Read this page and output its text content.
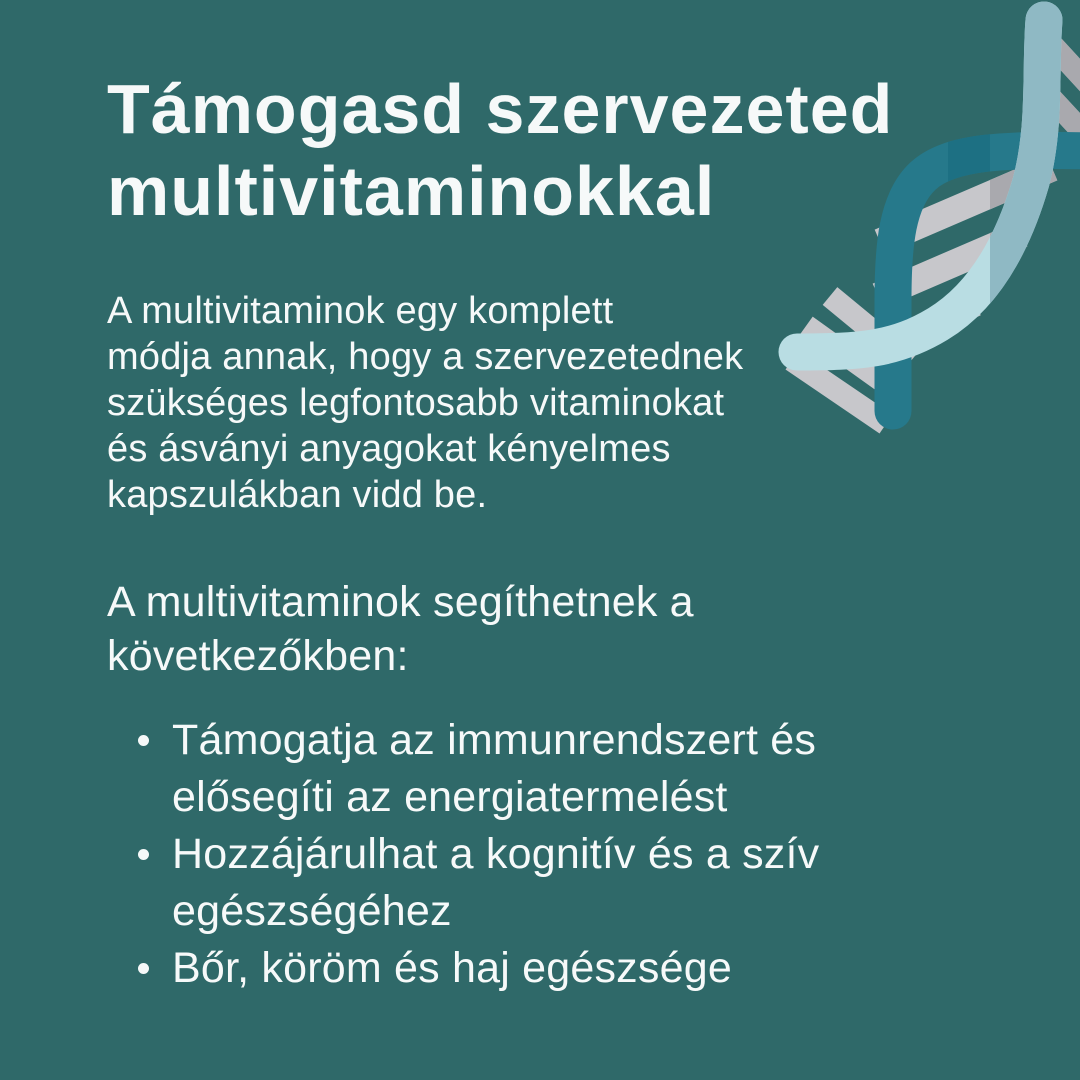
Támogasd szervezeted
multivitaminokkal
A multivitaminok egy komplett
módja annak, hogy a szervezetednek
szükséges legfontosabb vitaminokat
és ásványi anyagokat kényelmes
kapszulákban vidd be.
A multivitaminok segíthetnek a
következőkben:
Támogatja az immunrendszert és
elősegíti az energiatermelést
Hozzájárulhat a kognitív és a szív
egészségéhez
Bőr, köröm és haj egészsége
